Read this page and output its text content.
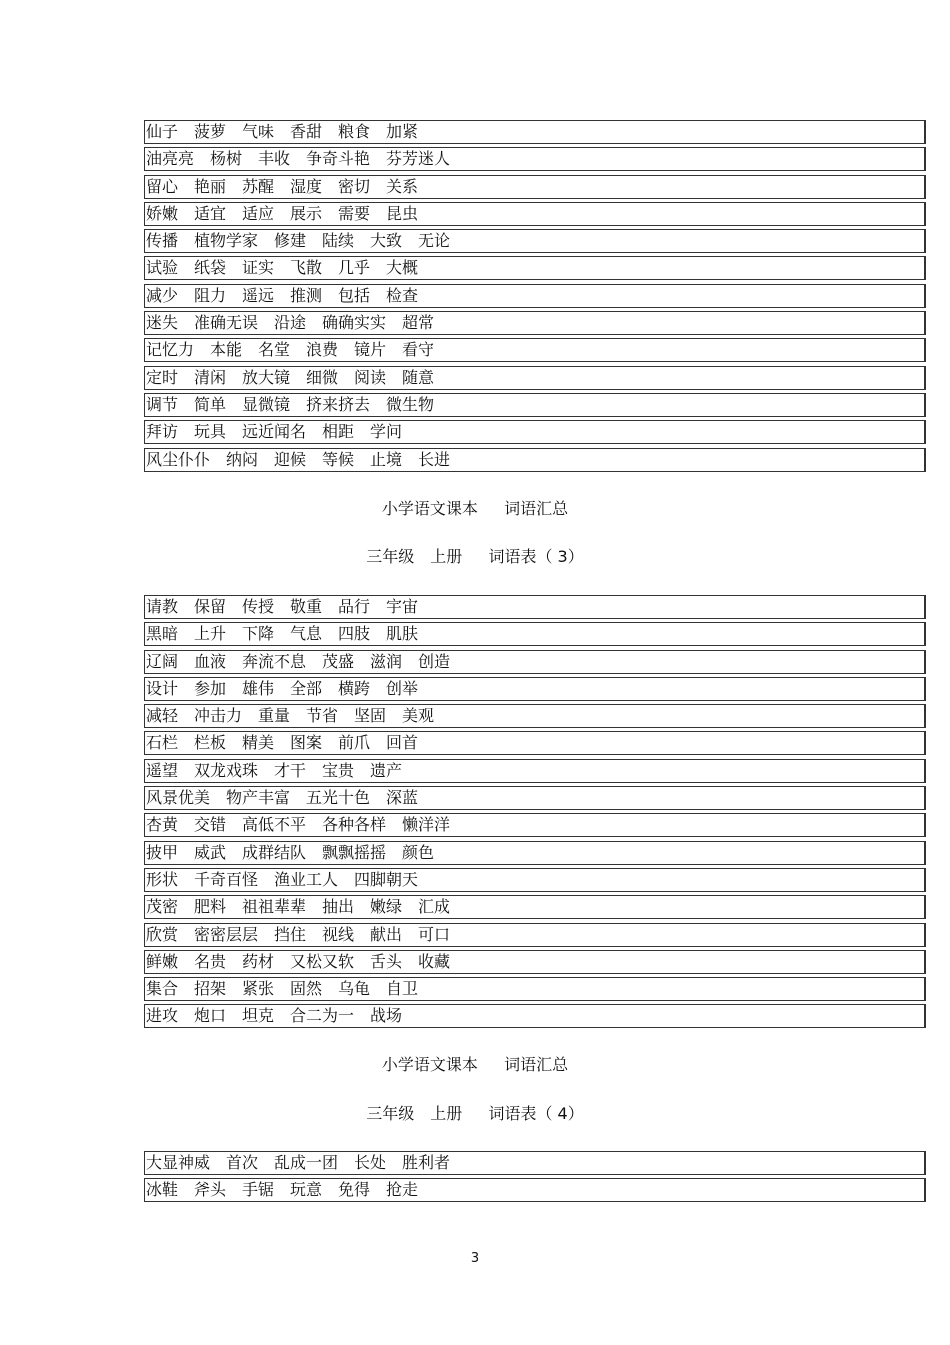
仙子　菠萝　气味　香甜　粮食　加紧
油亮亮　杨树　丰收　争奇斗艳　芬芳迷人
留心　艳丽　苏醒　湿度　密切　关系
娇嫩　适宜　适应　展示　需要　昆虫
传播　植物学家　修建　陆续　大致　无论
试验　纸袋　证实　飞散　几乎　大概
减少　阻力　遥远　推测　包括　检查
迷失　准确无误　沿途　确确实实　超常
记忆力　本能　名堂　浪费　镜片　看守
定时　清闲　放大镜　细微　阅读　随意
调节　简单　显微镜　挤来挤去　微生物
拜访　玩具　远近闻名　相距　学问
风尘仆仆　纳闷　迎候　等候　止境　长进
小学语文课本　  词语汇总
三年级　上册　  词语表（ 3）
请教　保留　传授　敬重　品行　宇宙
黑暗　上升　下降　气息　四肢　肌肤
辽阔　血液　奔流不息　茂盛　滋润　创造
设计　参加　雄伟　全部　横跨　创举
减轻　冲击力　重量　节省　坚固　美观
石栏　栏板　精美　图案　前爪　回首
遥望　双龙戏珠　才干　宝贵　遗产
风景优美　物产丰富　五光十色　深蓝
杏黄　交错　高低不平　各种各样　懒洋洋
披甲　威武　成群结队　飘飘摇摇　颜色
形状　千奇百怪　渔业工人　四脚朝天
茂密　肥料　祖祖辈辈　抽出　嫩绿　汇成
欣赏　密密层层　挡住　视线　献出　可口
鲜嫩　名贵　药材　又松又软　舌头　收藏
集合　招架　紧张　固然　乌龟　自卫
进攻　炮口　坦克　合二为一　战场
小学语文课本　  词语汇总
三年级　上册　  词语表（ 4）
大显神威　首次　乱成一团　长处　胜利者
冰鞋　斧头　手锯　玩意　免得　抢走
3
